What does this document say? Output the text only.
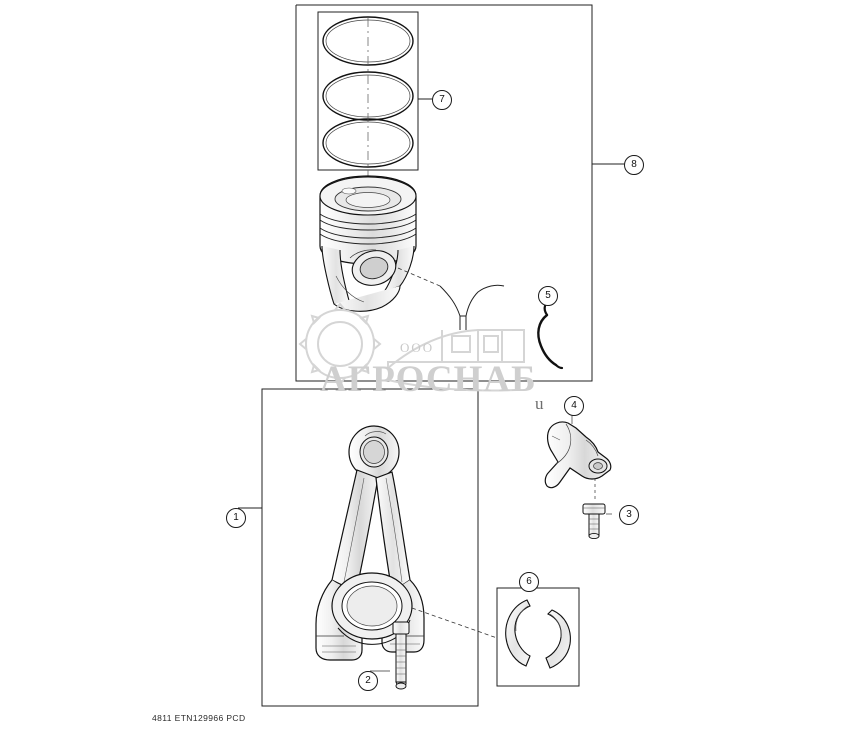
ООО
АГРОСНАБ
u
1
2
3
4
5
6
7
8
4811 ETN129966 PCD
